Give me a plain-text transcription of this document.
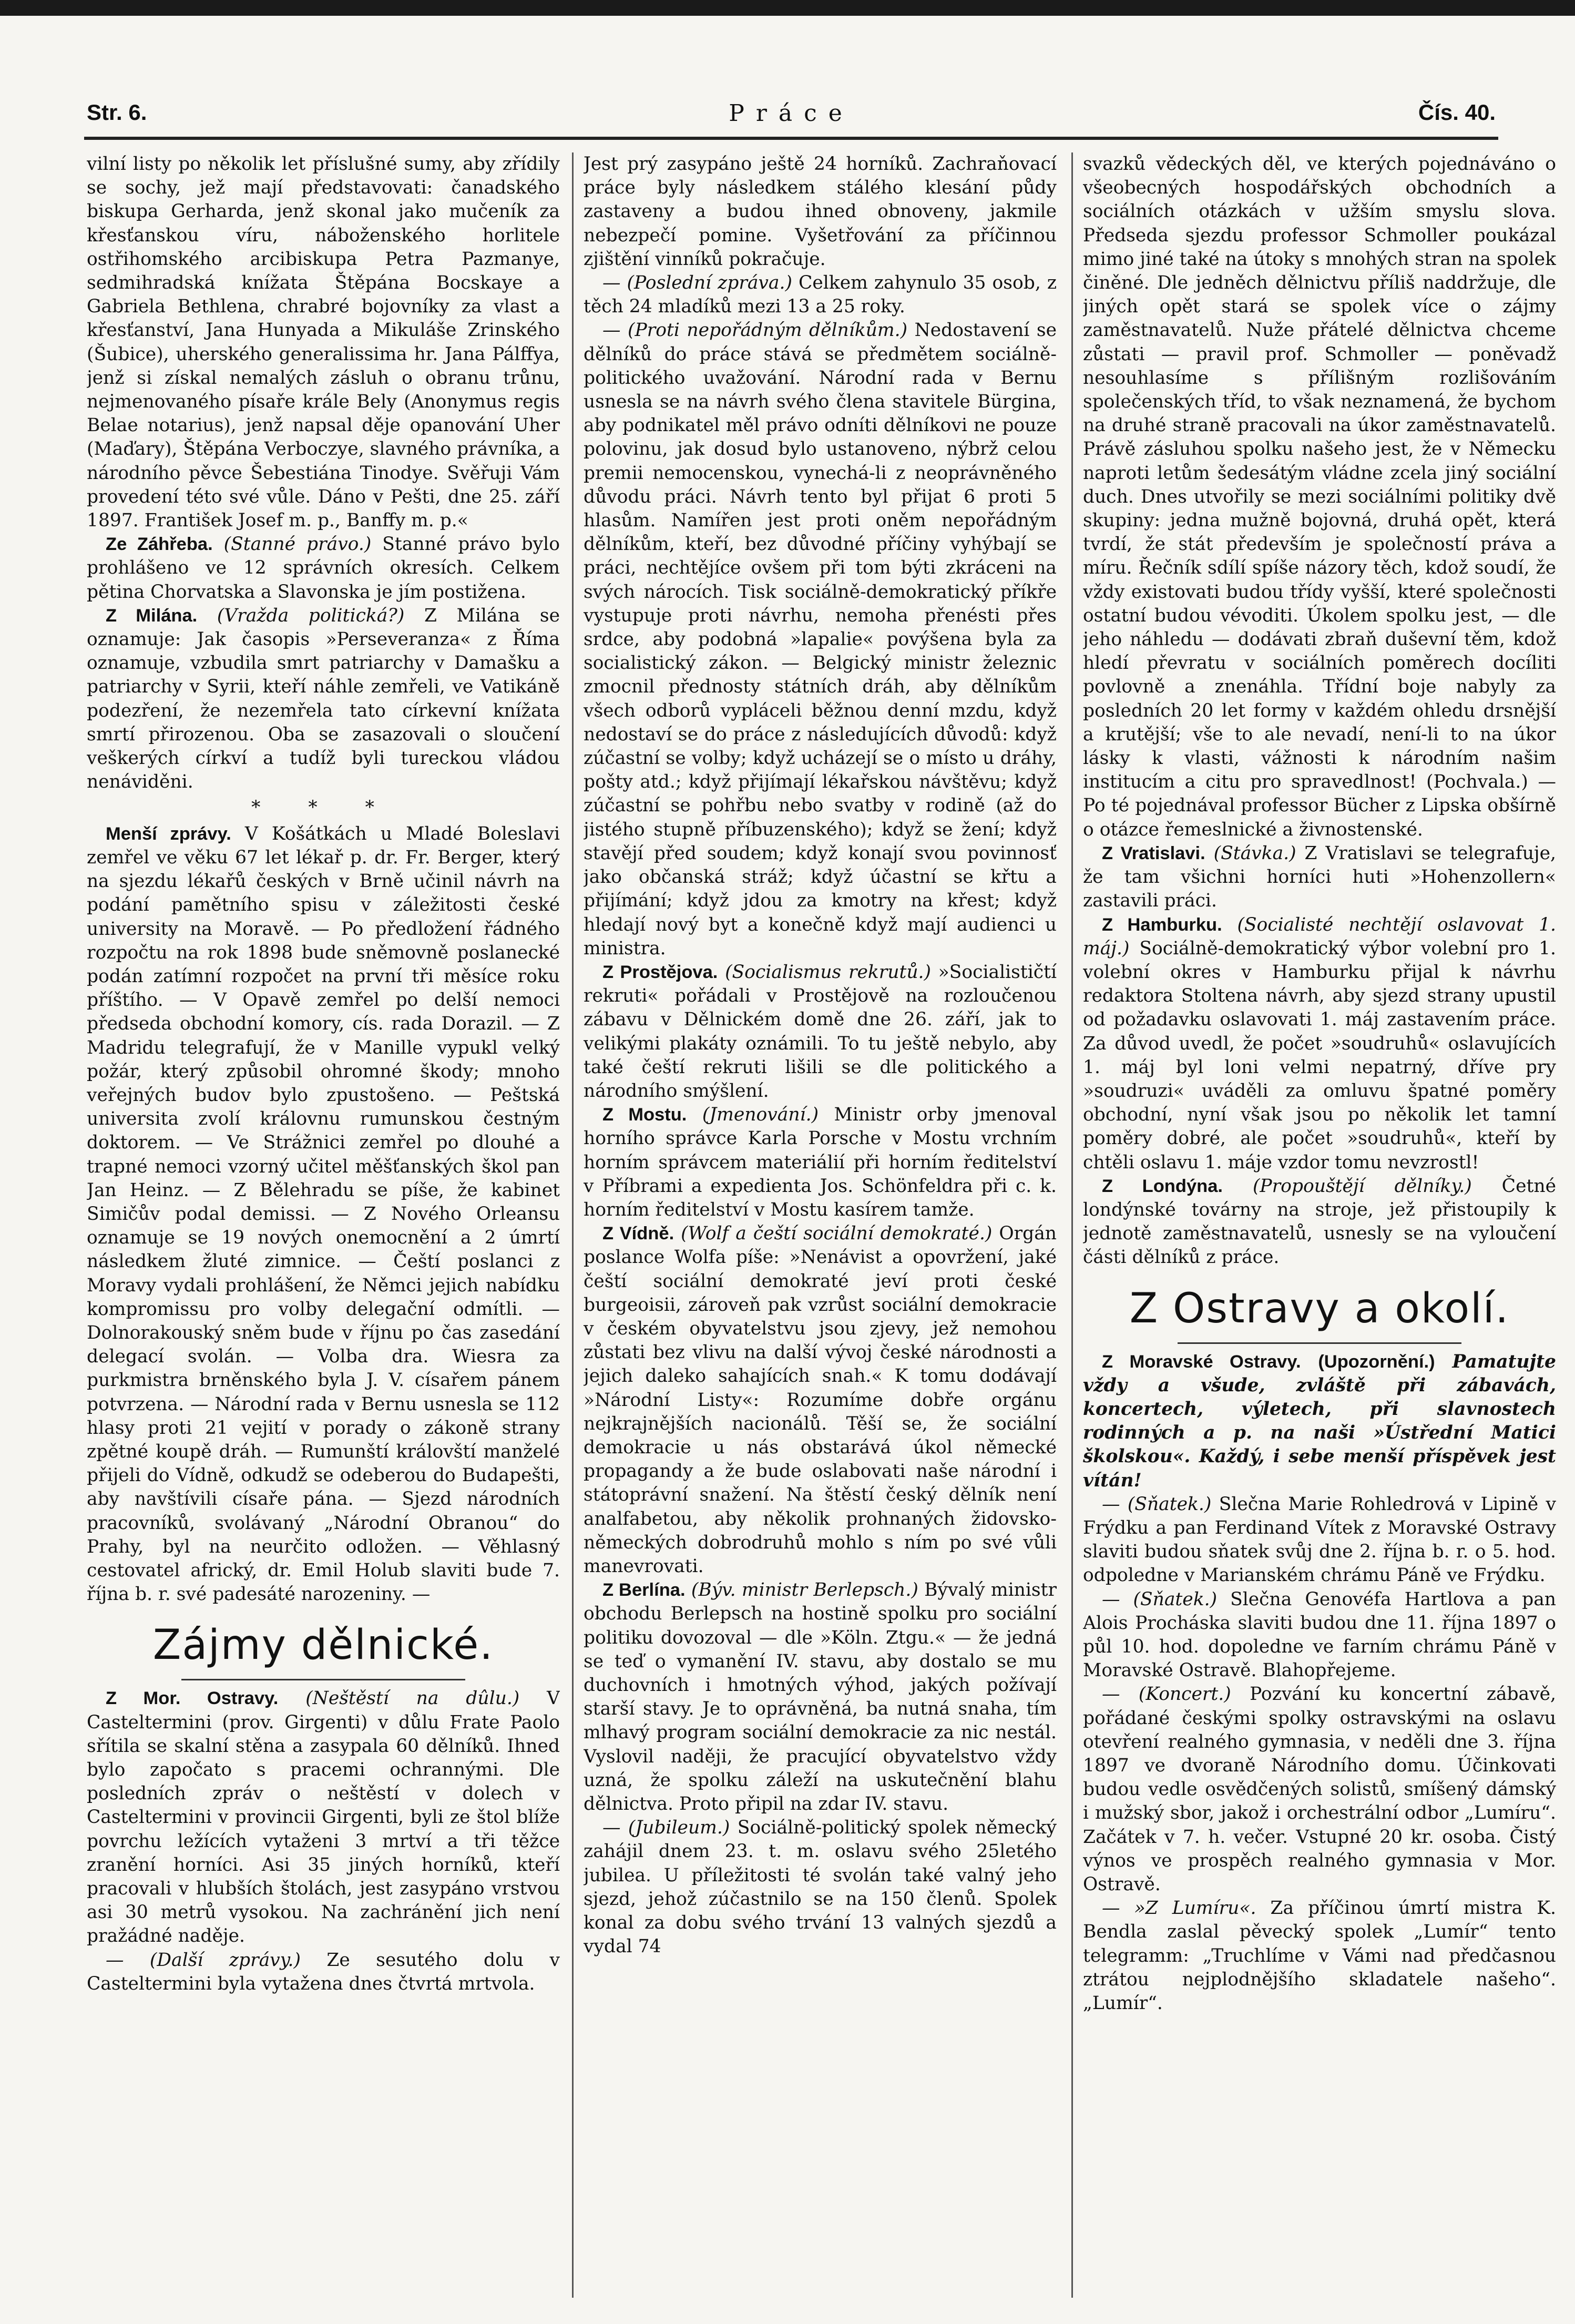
Str. 6.	Práce	Čís. 40.

vilní listy po několik let příslušné sumy, aby zřídily se sochy, jež mají představovati: čanadského biskupa Gerharda, jenž skonal jako mučeník za křesťanskou víru, náboženského horlitele ostřihomského arcibiskupa Petra Pazmanye, sedmihradská knížata Štěpána Bocskaye a Gabriela Bethlena, chrabré bojovníky za vlast a křesťanství, Jana Hunyada a Mikuláše Zrinského (Šubice), uherského generalissima hr. Jana Pálffya, jenž si získal nemalých zásluh o obranu trůnu, nejmenovaného písaře krále Bely (Anonymus regis Belae notarius), jenž napsal děje opanování Uher (Maďary), Štěpána Verboczye, slavného právníka, a národního pěvce Šebestiána Tinodye. Svěřuji Vám provedení této své vůle. Dáno v Pešti, dne 25. září 1897. František Josef m. p., Banffy m. p.«

Ze Záhřeba. (Stanné právo.) Stanné právo bylo prohlášeno ve 12 správních okresích. Celkem pětina Chorvatska a Slavonska je jím postižena.

Z Milána. (Vražda politická?) Z Milána se oznamuje: Jak časopis »Perseveranza« z Říma oznamuje, vzbudila smrt patriarchy v Damašku a patriarchy v Syrii, kteří náhle zemřeli, ve Vatikáně podezření, že nezemřela tato církevní knížata smrtí přirozenou. Oba se zasazovali o sloučení veškerých církví a tudíž byli tureckou vládou nenáviděni.

* * *

Menší zprávy. V Košátkách u Mladé Boleslavi zemřel ve věku 67 let lékař p. dr. Fr. Berger, který na sjezdu lékařů českých v Brně učinil návrh na podání pamětního spisu v záležitosti české university na Moravě. — Po předložení řádného rozpočtu na rok 1898 bude sněmovně poslanecké podán zatímní rozpočet na první tři měsíce roku příštího. — V Opavě zemřel po delší nemoci předseda obchodní komory, cís. rada Dorazil. — Z Madridu telegrafují, že v Manille vypukl velký požár, který způsobil ohromné škody; mnoho veřejných budov bylo zpustošeno. — Peštská universita zvolí královnu rumunskou čestným doktorem. — Ve Strážnici zemřel po dlouhé a trapné nemoci vzorný učitel měšťanských škol pan Jan Heinz. — Z Bělehradu se píše, že kabinet Simičův podal demissi. — Z Nového Orleansu oznamuje se 19 nových onemocnění a 2 úmrtí následkem žluté zimnice. — Čeští poslanci z Moravy vydali prohlášení, že Němci jejich nabídku kompromissu pro volby delegační odmítli. — Dolnorakouský sněm bude v říjnu po čas zasedání delegací svolán. — Volba dra. Wiesra za purkmistra brněnského byla J. V. císařem pánem potvrzena. — Národní rada v Bernu usnesla se 112 hlasy proti 21 vejití v porady o zákoně strany zpětné koupě dráh. — Rumunští královští manželé přijeli do Vídně, odkudž se odeberou do Budapešti, aby navštívili císaře pána. — Sjezd národních pracovníků, svolávaný „Národní Obranou“ do Prahy, byl na neurčito odložen. — Věhlasný cestovatel africký, dr. Emil Holub slaviti bude 7. října b. r. své padesáté narozeniny. —

Zájmy dělnické.

Z Mor. Ostravy. (Neštěstí na dûlu.) V Casteltermini (prov. Girgenti) v důlu Frate Paolo sřítila se skalní stěna a zasypala 60 dělníků. Ihned bylo započato s pracemi ochrannými. Dle posledních zpráv o neštěstí v dolech v Casteltermini v provincii Girgenti, byli ze štol blíže povrchu ležících vytaženi 3 mrtví a tři těžce zranění horníci. Asi 35 jiných horníků, kteří pracovali v hlubších štolách, jest zasypáno vrstvou asi 30 metrů vysokou. Na zachránění jich není pražádné naděje.

— (Další zprávy.) Ze sesutého dolu v Casteltermini byla vytažena dnes čtvrtá mrtvola.

Jest prý zasypáno ještě 24 horníků. Zachraňovací práce byly následkem stálého klesání půdy zastaveny a budou ihned obnoveny, jakmile nebezpečí pomine. Vyšetřování za příčinnou zjištění vinníků pokračuje.

— (Poslední zpráva.) Celkem zahynulo 35 osob, z těch 24 mladíků mezi 13 a 25 roky.

— (Proti nepořádným dělníkům.) Nedostavení se dělníků do práce stává se předmětem sociálně-politického uvažování. Národní rada v Bernu usnesla se na návrh svého člena stavitele Bürgina, aby podnikatel měl právo odníti dělníkovi ne pouze polovinu, jak dosud bylo ustanoveno, nýbrž celou premii nemocenskou, vynechá-li z neoprávněného důvodu práci. Návrh tento byl přijat 6 proti 5 hlasům. Namířen jest proti oněm nepořádným dělníkům, kteří, bez důvodné příčiny vyhýbají se práci, nechtějíce ovšem při tom býti zkráceni na svých nárocích. Tisk sociálně-demokratický příkře vystupuje proti návrhu, nemoha přenésti přes srdce, aby podobná »lapalie« povýšena byla za socialistický zákon. — Belgický ministr železnic zmocnil přednosty státních dráh, aby dělníkům všech odborů vypláceli běžnou denní mzdu, když nedostaví se do práce z následujících důvodů: když zúčastní se volby; když ucházejí se o místo u dráhy, pošty atd.; když přijímají lékařskou návštěvu; když zúčastní se pohřbu nebo svatby v rodině (až do jistého stupně příbuzenského); když se žení; když stavějí před soudem; když konají svou povinnosť jako občanská stráž; když účastní se křtu a přijímání; když jdou za kmotry na křest; když hledají nový byt a konečně když mají audienci u ministra.

Z Prostějova. (Socialismus rekrutů.) »Socialističtí rekruti« pořádali v Prostějově na rozloučenou zábavu v Dělnickém domě dne 26. září, jak to velikými plakáty oznámili. To tu ještě nebylo, aby také čeští rekruti lišili se dle politického a národního smýšlení.

Z Mostu. (Jmenování.) Ministr orby jmenoval horního správce Karla Porsche v Mostu vrchním horním správcem materiálií při horním ředitelství v Příbrami a expedienta Jos. Schönfeldra při c. k. horním ředitelství v Mostu kasírem tamže.

Z Vídně. (Wolf a čeští sociální demokraté.) Orgán poslance Wolfa píše: »Nenávist a opovržení, jaké čeští sociální demokraté jeví proti české burgeoisii, zároveň pak vzrůst sociální demokracie v českém obyvatelstvu jsou zjevy, jež nemohou zůstati bez vlivu na další vývoj české národnosti a jejich daleko sahajících snah.« K tomu dodávají »Národní Listy«: Rozumíme dobře orgánu nejkrajnějších nacionálů. Těší se, že sociální demokracie u nás obstarává úkol německé propagandy a že bude oslabovati naše národní i státoprávní snažení. Na štěstí český dělník není analfabetou, aby několik prohnaných židovsko-německých dobrodruhů mohlo s ním po své vůli manevrovati.

Z Berlína. (Býv. ministr Berlepsch.) Bývalý ministr obchodu Berlepsch na hostině spolku pro sociální politiku dovozoval — dle »Köln. Ztgu.« — že jedná se teď o vymanění IV. stavu, aby dostalo se mu duchovních i hmotných výhod, jakých požívají starší stavy. Je to oprávněná, ba nutná snaha, tím mlhavý program sociální demokracie za nic nestál. Vyslovil naději, že pracující obyvatelstvo vždy uzná, že spolku záleží na uskutečnění blahu dělnictva. Proto připil na zdar IV. stavu.

— (Jubileum.) Sociálně-politický spolek německý zahájil dnem 23. t. m. oslavu svého 25letého jubilea. U příležitosti té svolán také valný jeho sjezd, jehož zúčastnilo se na 150 členů. Spolek konal za dobu svého trvání 13 valných sjezdů a vydal 74

svazků vědeckých děl, ve kterých pojednáváno o všeobecných hospodářských obchodních a sociálních otázkách v užším smyslu slova. Předseda sjezdu professor Schmoller poukázal mimo jiné také na útoky s mnohých stran na spolek činěné. Dle jedněch dělnictvu příliš naddržuje, dle jiných opět stará se spolek více o zájmy zaměstnavatelů. Nuže přátelé dělnictva chceme zůstati — pravil prof. Schmoller — poněvadž nesouhlasíme s přílišným rozlišováním společenských tříd, to však neznamená, že bychom na druhé straně pracovali na úkor zaměstnavatelů. Právě zásluhou spolku našeho jest, že v Německu naproti letům šedesátým vládne zcela jiný sociální duch. Dnes utvořily se mezi sociálními politiky dvě skupiny: jedna mužně bojovná, druhá opět, která tvrdí, že stát především je společností práva a míru. Řečník sdílí spíše názory těch, kdož soudí, že vždy existovati budou třídy vyšší, které společnosti ostatní budou vévoditi. Úkolem spolku jest, — dle jeho náhledu — dodávati zbraň duševní těm, kdož hledí převratu v sociálních poměrech docíliti povlovně a znenáhla. Třídní boje nabyly za posledních 20 let formy v každém ohledu drsnější a krutější; vše to ale nevadí, není-li to na úkor lásky k vlasti, vážnosti k národním našim institucím a citu pro spravedlnost! (Pochvala.) — Po té pojednával professor Bücher z Lipska obšírně o otázce řemeslnické a živnostenské.

Z Vratislavi. (Stávka.) Z Vratislavi se telegrafuje, že tam všichni horníci huti »Hohenzollern« zastavili práci.

Z Hamburku. (Socialisté nechtějí oslavovat 1. máj.) Sociálně-demokratický výbor volební pro 1. volební okres v Hamburku přijal k návrhu redaktora Stoltena návrh, aby sjezd strany upustil od požadavku oslavovati 1. máj zastavením práce. Za důvod uvedl, že počet »soudruhů« oslavujících 1. máj byl loni velmi nepatrný, dříve pry »soudruzi« uváděli za omluvu špatné poměry obchodní, nyní však jsou po několik let tamní poměry dobré, ale počet »soudruhů«, kteří by chtěli oslavu 1. máje vzdor tomu nevzrostl!

Z Londýna. (Propouštějí dělníky.) Četné londýnské továrny na stroje, jež přistoupily k jednotě zaměstnavatelů, usnesly se na vyloučení části dělníků z práce.

Z Ostravy a okolí.

Z Moravské Ostravy. (Upozornění.) Pamatujte vždy a všude, zvláště při zábavách, koncertech, výletech, při slavnostech rodinných a p. na naši »Ústřední Matici školskou«. Každý, i sebe menší příspěvek jest vítán!

— (Sňatek.) Slečna Marie Rohledrová v Lipině v Frýdku a pan Ferdinand Vítek z Moravské Ostravy slaviti budou sňatek svůj dne 2. října b. r. o 5. hod. odpoledne v Marianském chrámu Páně ve Frýdku.

— (Sňatek.) Slečna Genovéfa Hartlova a pan Alois Procháska slaviti budou dne 11. října 1897 o půl 10. hod. dopoledne ve farním chrámu Páně v Moravské Ostravě. Blahopřejeme.

— (Koncert.) Pozvání ku koncertní zábavě, pořádané českými spolky ostravskými na oslavu otevření realného gymnasia, v neděli dne 3. října 1897 ve dvoraně Národního domu. Účinkovati budou vedle osvědčených solistů, smíšený dámský i mužský sbor, jakož i orchestrální odbor „Lumíru“. Začátek v 7. h. večer. Vstupné 20 kr. osoba. Čistý výnos ve prospěch realného gymnasia v Mor. Ostravě.

— »Z Lumíru«. Za příčinou úmrtí mistra K. Bendla zaslal pěvecký spolek „Lumír“ tento telegramm: „Truchlíme v Vámi nad předčasnou ztrátou nejplodnějšího skladatele našeho“. „Lumír“.
